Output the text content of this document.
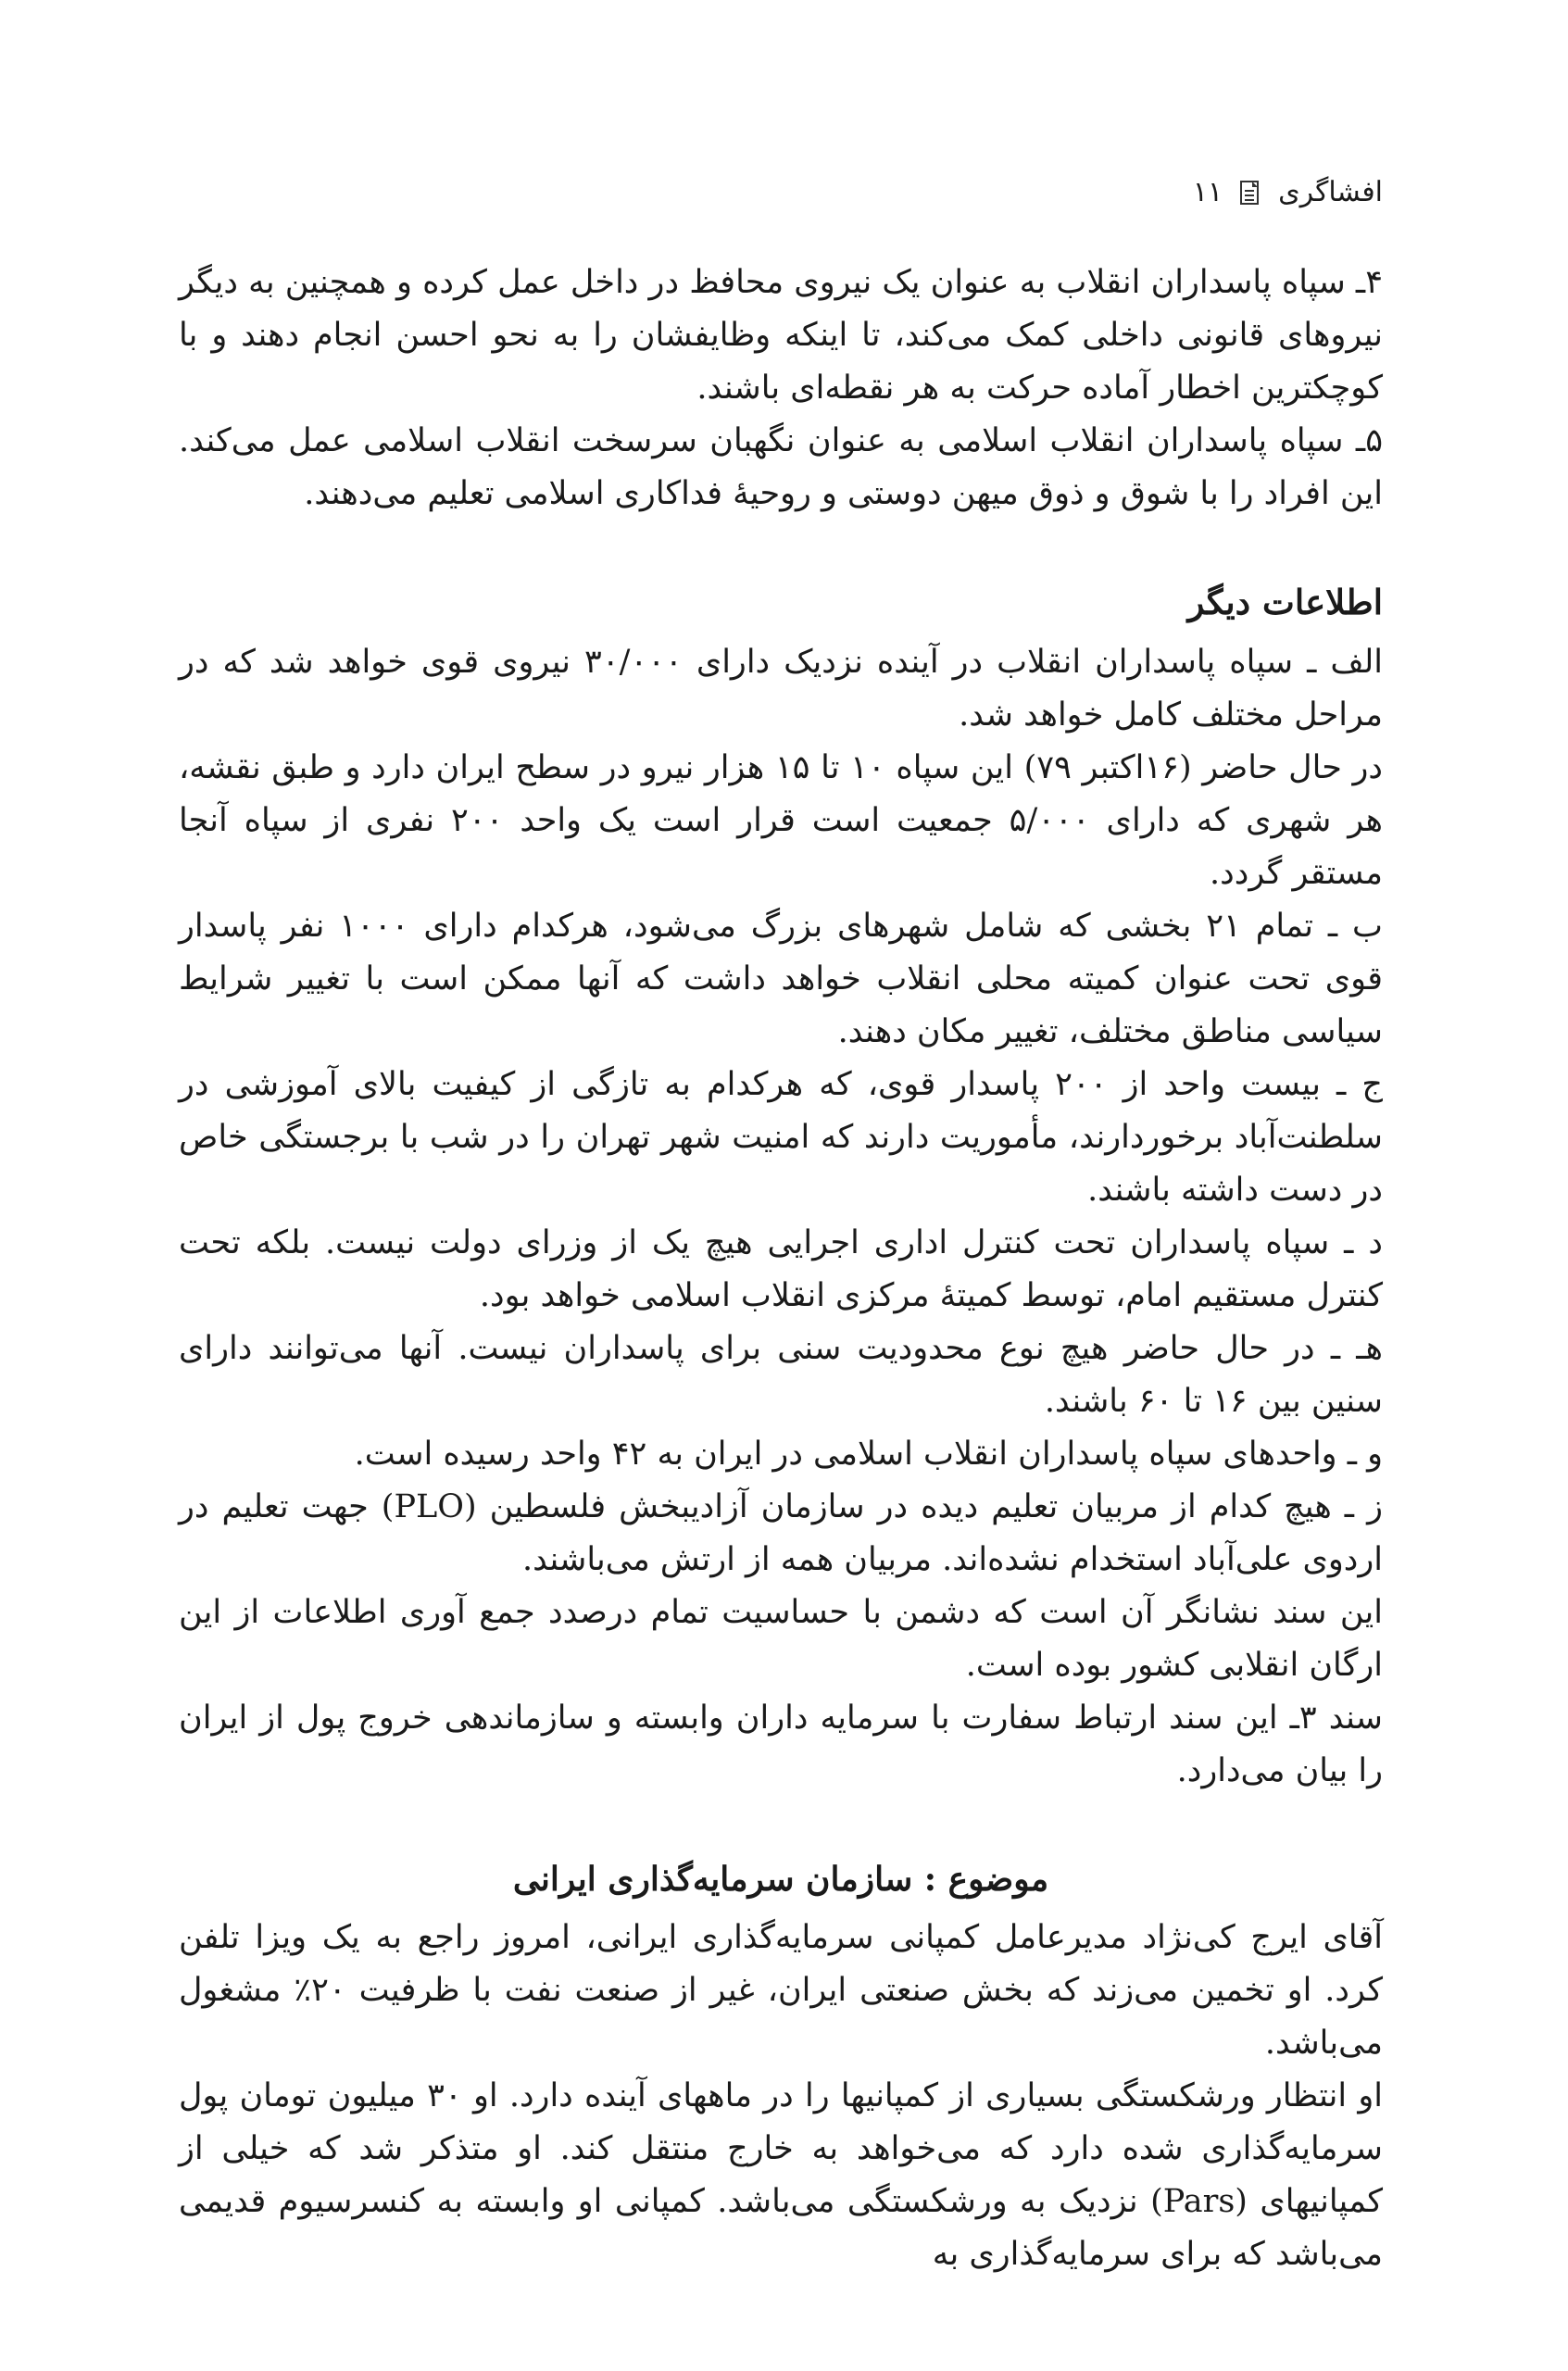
افشاگری
۱۱

۴ـ سپاه پاسداران انقلاب به عنوان یک نیروی محافظ در داخل عمل کرده و همچنین به دیگر نیروهای قانونی داخلی کمک می‌کند، تا اینکه وظایفشان را به نحو احسن انجام دهند و با کوچکترین اخطار آماده حرکت به هر نقطه‌ای باشند.

۵ـ سپاه پاسداران انقلاب اسلامی به عنوان نگهبان سرسخت انقلاب اسلامی عمل می‌کند. این افراد را با شوق و ذوق میهن دوستی و روحیهٔ فداکاری اسلامی تعلیم می‌دهند.

اطلاعات دیگر

الف ـ سپاه پاسداران انقلاب در آینده نزدیک دارای ۳۰/۰۰۰ نیروی قوی خواهد شد که در مراحل مختلف کامل خواهد شد.

در حال حاضر (۱۶اکتبر ۷۹) این سپاه ۱۰ تا ۱۵ هزار نیرو در سطح ایران دارد و طبق نقشه، هر شهری که دارای ۵/۰۰۰ جمعیت است قرار است یک واحد ۲۰۰ نفری از سپاه آنجا مستقر گردد.

ب ـ تمام ۲۱ بخشی که شامل شهرهای بزرگ می‌شود، هرکدام دارای ۱۰۰۰ نفر پاسدار قوی تحت عنوان کمیته محلی انقلاب خواهد داشت که آنها ممکن است با تغییر شرایط سیاسی مناطق مختلف، تغییر مکان دهند.

ج ـ بیست واحد از ۲۰۰ پاسدار قوی، که هرکدام به تازگی از کیفیت بالای آموزشی در سلطنت‌آباد برخوردارند، مأموریت دارند که امنیت شهر تهران را در شب با برجستگی خاص در دست داشته باشند.

د ـ سپاه پاسداران تحت کنترل اداری اجرایی هیچ یک از وزرای دولت نیست. بلکه تحت کنترل مستقیم امام، توسط کمیتهٔ مرکزی انقلاب اسلامی خواهد بود.

هـ ـ در حال حاضر هیچ نوع محدودیت سنی برای پاسداران نیست. آنها می‌توانند دارای سنین بین ۱۶ تا ۶۰ باشند.

و ـ واحدهای سپاه پاسداران انقلاب اسلامی در ایران به ۴۲ واحد رسیده است.

ز ـ هیچ کدام از مربیان تعلیم دیده در سازمان آزادیبخش فلسطین (PLO) جهت تعلیم در اردوی علی‌آباد استخدام نشده‌اند. مربیان همه از ارتش می‌باشند.

این سند نشانگر آن است که دشمن با حساسیت تمام درصدد جمع آوری اطلاعات از این ارگان انقلابی کشور بوده است.

سند ۳ـ این سند ارتباط سفارت با سرمایه داران وابسته و سازماندهی خروج پول از ایران را بیان می‌دارد.

موضوع : سازمان سرمایه‌گذاری ایرانی

آقای ایرج کی‌نژاد مدیرعامل کمپانی سرمایه‌گذاری ایرانی، امروز راجع به یک ویزا تلفن کرد. او تخمین می‌زند که بخش صنعتی ایران، غیر از صنعت نفت با ظرفیت ۲۰٪ مشغول می‌باشد.

او انتظار ورشکستگی بسیاری از کمپانیها را در ماههای آینده دارد. او ۳۰ میلیون تومان پول سرمایه‌گذاری شده دارد که می‌خواهد به خارج منتقل کند. او متذکر شد که خیلی از کمپانیهای (Pars) نزدیک به ورشکستگی می‌باشد. کمپانی او وابسته به کنسرسیوم قدیمی می‌باشد که برای سرمایه‌گذاری به
